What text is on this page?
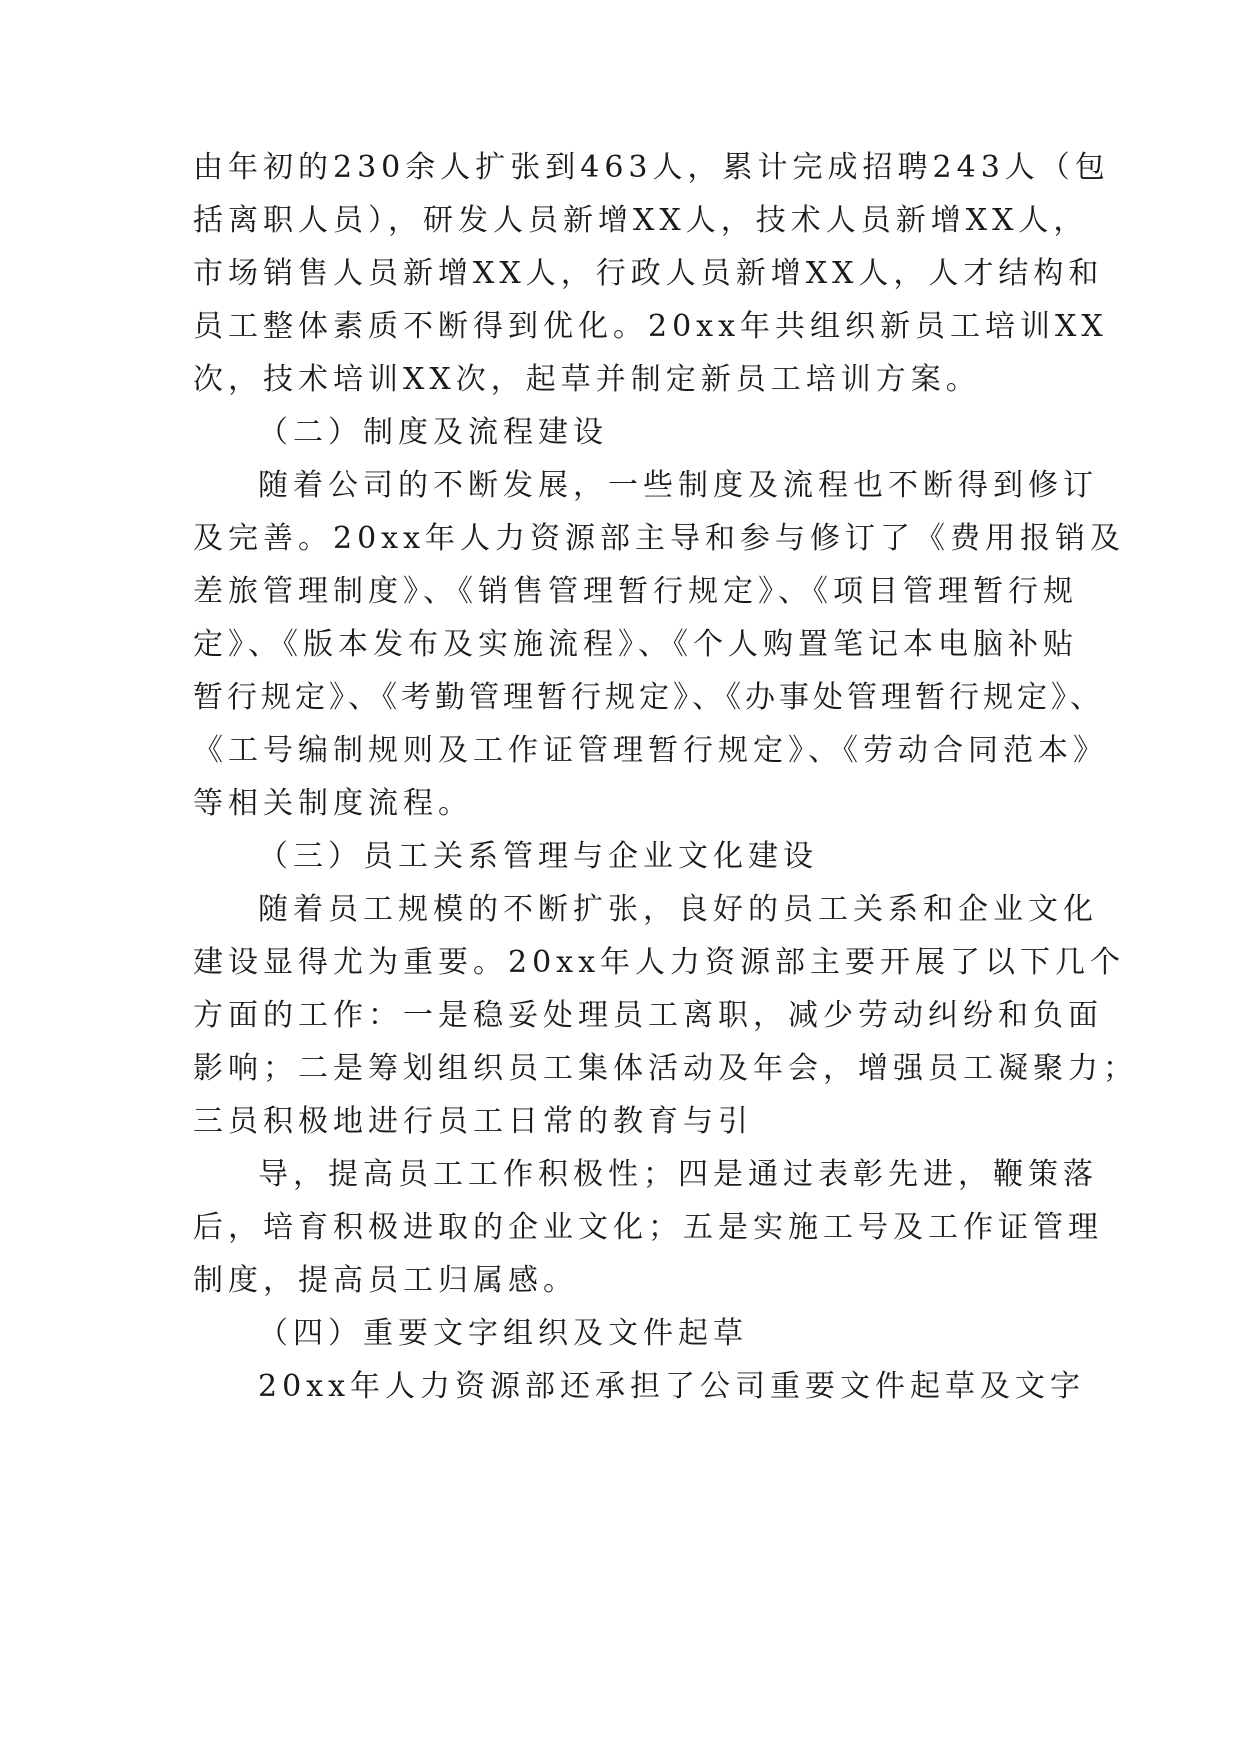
由年初的230余人扩张到463人，累计完成招聘243人（包
括离职人员），研发人员新增XX人，技术人员新增XX人，
市场销售人员新增XX人，行政人员新增XX人，人才结构和
员工整体素质不断得到优化。20xx年共组织新员工培训XX
次，技术培训XX次，起草并制定新员工培训方案。
（二）制度及流程建设
随着公司的不断发展，一些制度及流程也不断得到修订
及完善。20xx年人力资源部主导和参与修订了《费用报销及
差旅管理制度》、《销售管理暂行规定》、《项目管理暂行规
定》、《版本发布及实施流程》、《个人购置笔记本电脑补贴
暂行规定》、《考勤管理暂行规定》、《办事处管理暂行规定》、
《工号编制规则及工作证管理暂行规定》、《劳动合同范本》
等相关制度流程。
（三）员工关系管理与企业文化建设
随着员工规模的不断扩张，良好的员工关系和企业文化
建设显得尤为重要。20xx年人力资源部主要开展了以下几个
方面的工作：一是稳妥处理员工离职，减少劳动纠纷和负面
影响；二是筹划组织员工集体活动及年会，增强员工凝聚力；
三员积极地进行员工日常的教育与引
导，提高员工工作积极性；四是通过表彰先进，鞭策落
后，培育积极进取的企业文化；五是实施工号及工作证管理
制度，提高员工归属感。
（四）重要文字组织及文件起草
20xx年人力资源部还承担了公司重要文件起草及文字
